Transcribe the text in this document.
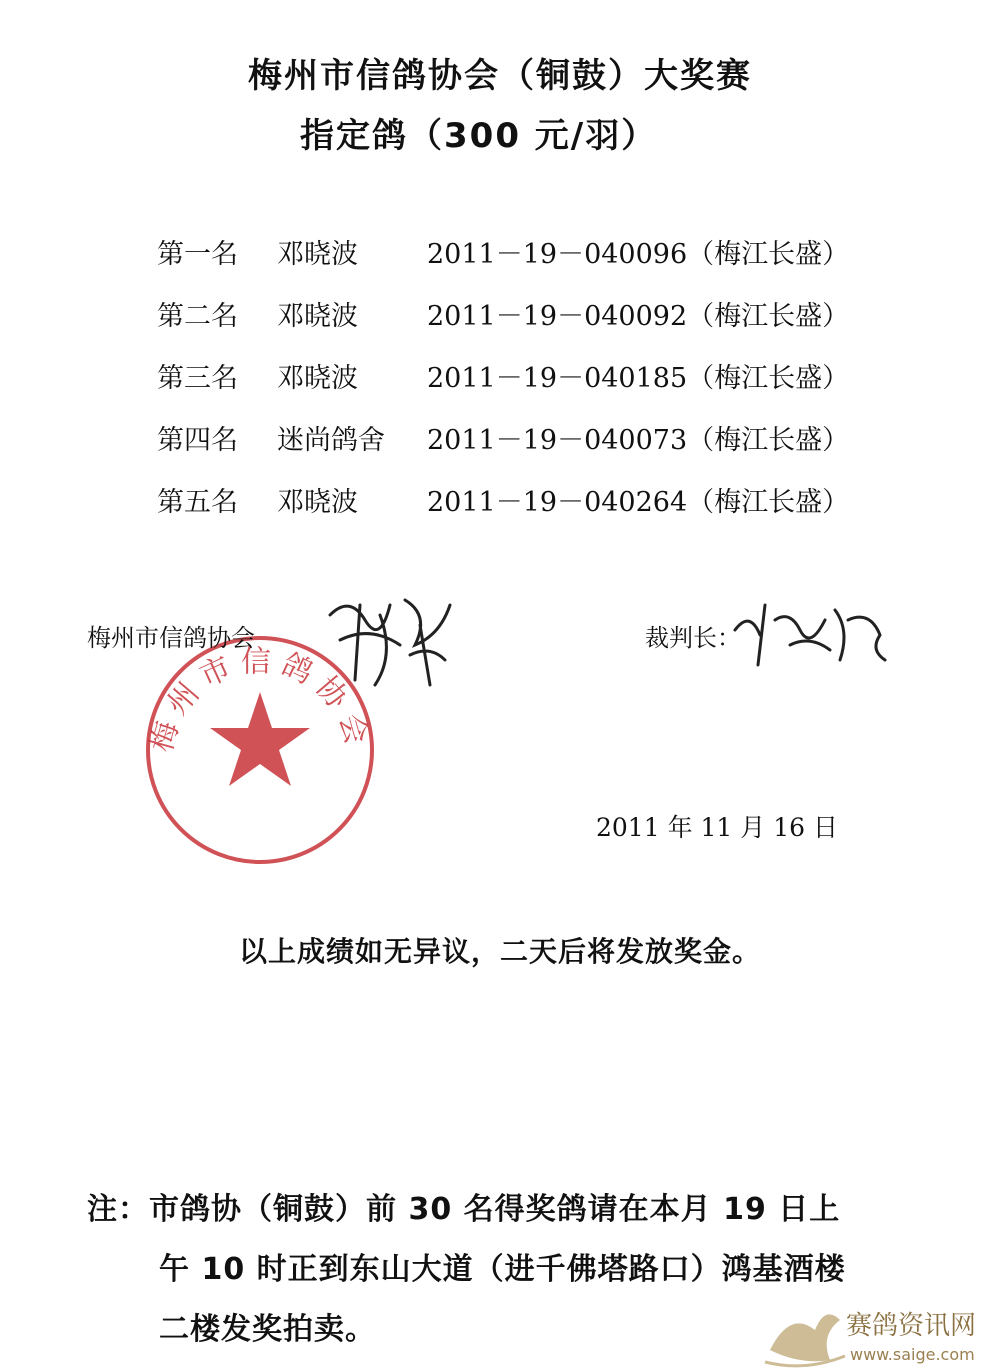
梅州市信鸽协会（铜鼓）大奖赛
指定鸽（300 元/羽）
第一名 邓晓波	2011－19－040096（梅江长盛）
第二名 邓晓波	2011－19－040092（梅江长盛）
第三名 邓晓波	2011－19－040185（梅江长盛）
第四名 迷尚鸽舍 2011－19－040073（梅江长盛）
第五名 邓晓波	2011－19－040264（梅江长盛）
梅州市信鸽协会
梅州市信鸽协会	裁判长：
2011 年 11 月 16 日
以上成绩如无异议，二天后将发放奖金。
注：市鸽协（铜鼓）前 30 名得奖鸽请在本月 19 日上

午 10 时正到东山大道（进千佛塔路口）鸿基酒楼
二楼发奖拍卖。	赛鸽资讯网
www.saige.com
